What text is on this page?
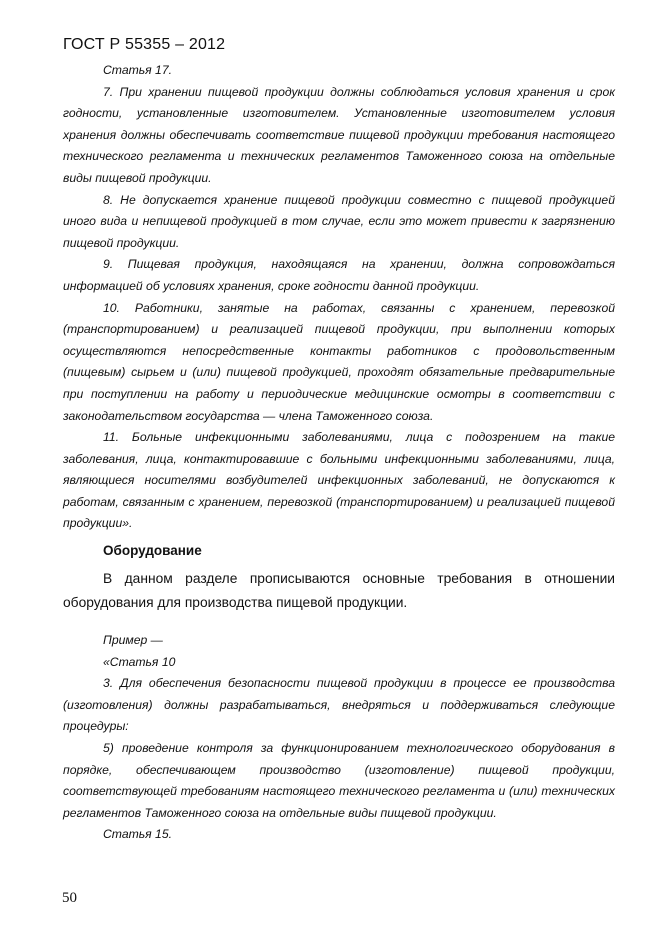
ГОСТ Р 55355 – 2012

Статья 17.

7. При хранении пищевой продукции должны соблюдаться условия хранения и срок годности, установленные изготовителем. Установленные изготовителем условия хранения должны обеспечивать соответствие пищевой продукции требования настоящего технического регламента и технических регламентов Таможенного союза на отдельные виды пищевой продукции.

8. Не допускается хранение пищевой продукции совместно с пищевой продукцией иного вида и непищевой продукцией в том случае, если это может привести к загрязнению пищевой продукции.

9. Пищевая продукция, находящаяся на хранении, должна сопровождаться информацией об условиях хранения, сроке годности данной продукции.

10. Работники, занятые на работах, связанны с хранением, перевозкой (транспортированием) и реализацией пищевой продукции, при выполнении которых осуществляются непосредственные контакты работников с продовольственным (пищевым) сырьем и (или) пищевой продукцией, проходят обязательные предварительные при поступлении на работу и периодические медицинские осмотры в соответствии с законодательством государства — члена Таможенного союза.

11. Больные инфекционными заболеваниями, лица с подозрением на такие заболевания, лица, контактировавшие с больными инфекционными заболеваниями, лица, являющиеся носителями возбудителей инфекционных заболеваний, не допускаются к работам, связанным с хранением, перевозкой (транспортированием) и реализацией пищевой продукции».

Оборудование

В данном разделе прописываются основные требования в отношении оборудования для производства пищевой продукции.

Пример —

«Статья 10

3. Для обеспечения безопасности пищевой продукции в процессе ее производства (изготовления) должны разрабатываться, внедряться и поддерживаться следующие процедуры:

5) проведение контроля за функционированием технологического оборудования в порядке, обеспечивающем производство (изготовление) пищевой продукции, соответствующей требованиям настоящего технического регламента и (или) технических регламентов Таможенного союза на отдельные виды пищевой продукции.

Статья 15.

50
